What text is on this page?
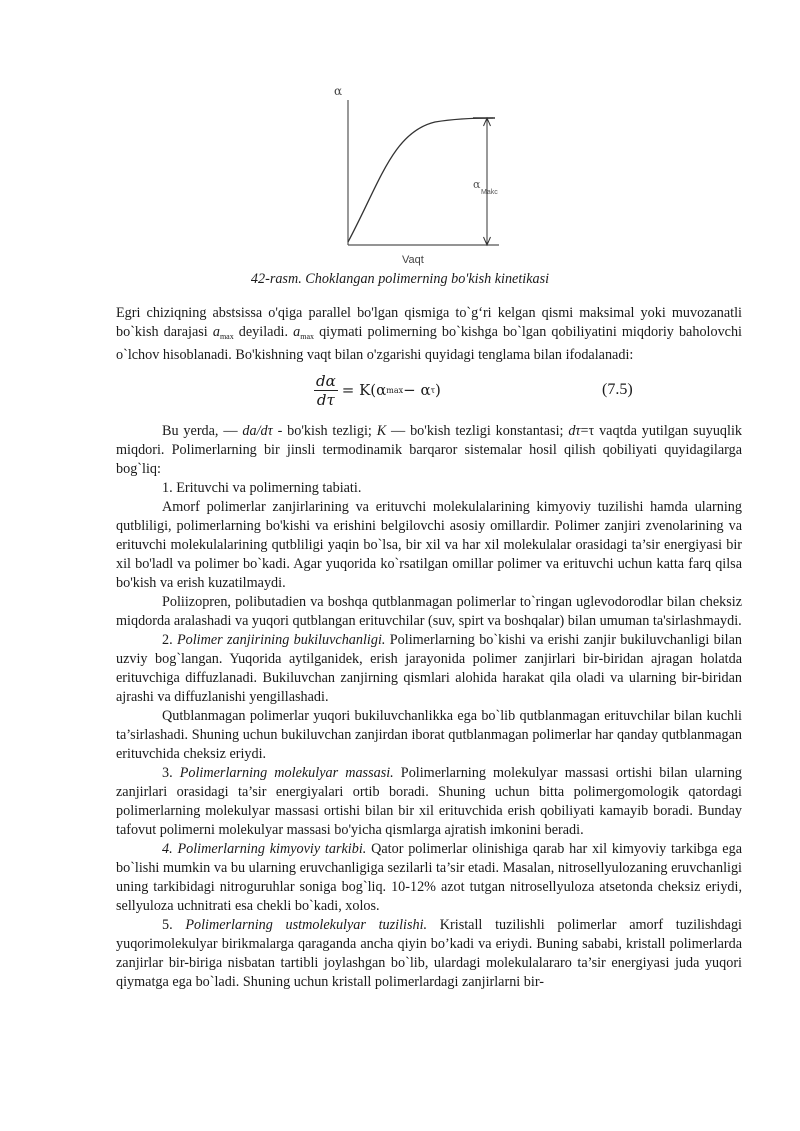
α
Vaqt
α
Makc
42-rasm. Choklangan polimerning bo'kish kinetikasi

Egri chiziqning abstsissa o'qiga parallel bo'lgan qismiga to`g‘ri kelgan qismi maksimal yoki muvozanatli bo`kish darajasi $a_{max}$ deyiladi. $a_{max}$ qiymati polimerning bo`kishga bo`lgan qobiliyatini miqdoriy baholovchi o`lchov hisoblanadi. Bo'kishning vaqt bilan o'zgarishi quyidagi tenglama bilan ifodalanadi:

$\frac{d\alpha}{d\tau} = K(\alpha$ max − α τ )	(7.5)

Bu yerda, — da/dτ - bo'kish tezligi; K — bo'kish tezligi konstantasi; dτ=τ vaqtda yutilgan suyuqlik miqdori. Polimerlarning bir jinsli termodinamik barqaror sistemalar hosil qilish qobiliyati quyidagilarga bog`liq:

1. Erituvchi va polimerning tabiati.

Amorf polimerlar zanjirlarining va erituvchi molekulalarining kimyoviy tuzilishi hamda ularning qutbliligi, polimerlarning bo'kishi va erishini belgilovchi asosiy omillardir. Polimer zanjiri zvenolarining va erituvchi molekulalarining qutbliligi yaqin bo`lsa, bir xil va har xil molekulalar orasidagi ta’sir energiyasi bir xil bo'ladl va polimer bo`kadi. Agar yuqorida ko`rsatilgan omillar polimer va erituvchi uchun katta farq qilsa bo'kish va erish kuzatilmaydi.

Poliizopren, polibutadien va boshqa qutblanmagan polimerlar to`ringan uglevodorodlar bilan cheksiz miqdorda aralashadi va yuqori qutblangan erituvchilar (suv, spirt va boshqalar) bilan umuman ta'sirlashmaydi.

2. Polimer zanjirining bukiluvchanligi. Polimerlarning bo`kishi va erishi zanjir bukiluvchanligi bilan uzviy bog`langan. Yuqorida aytilganidek, erish jarayonida polimer zanjirlari bir-biridan ajragan holatda erituvchiga diffuzlanadi. Bukiluvchan zanjirning qismlari alohida harakat qila oladi va ularning bir-biridan ajrashi va diffuzlanishi yengillashadi.

Qutblanmagan polimerlar yuqori bukiluvchanlikka ega bo`lib qutblanmagan erituvchilar bilan kuchli ta’sirlashadi. Shuning uchun bukiluvchan zanjirdan iborat qutblanmagan polimerlar har qanday qutblanmagan erituvchida cheksiz eriydi.

3. Polimerlarning molekulyar massasi. Polimerlarning molekulyar massasi ortishi bilan ularning zanjirlari orasidagi ta’sir energiyalari ortib boradi. Shuning uchun bitta polimergomologik qatordagi polimerlarning molekulyar massasi ortishi bilan bir xil erituvchida erish qobiliyati kamayib boradi. Bunday tafovut polimerni molekulyar massasi bo'yicha qismlarga ajratish imkonini beradi.

4. Polimerlarning kimyoviy tarkibi. Qator polimerlar olinishiga qarab har xil kimyoviy tarkibga ega bo`lishi mumkin va bu ularning eruvchanligiga sezilarli ta’sir etadi. Masalan, nitrosellyulozaning eruvchanligi uning tarkibidagi nitroguruhlar soniga bog`liq. 10-12% azot tutgan nitrosellyuloza atsetonda cheksiz eriydi, sellyuloza uchnitrati esa chekli bo`kadi, xolos.

5. Polimerlarning ustmolekulyar tuzilishi. Kristall tuzilishli polimerlar amorf tuzilishdagi yuqorimolekulyar birikmalarga qaraganda ancha qiyin bo’kadi va eriydi. Buning sababi, kristall polimerlarda zanjirlar bir-biriga nisbatan tartibli joylashgan bo`lib, ulardagi molekulalararo ta’sir energiyasi juda yuqori qiymatga ega bo`ladi. Shuning uchun kristall polimerlardagi zanjirlarni bir-
